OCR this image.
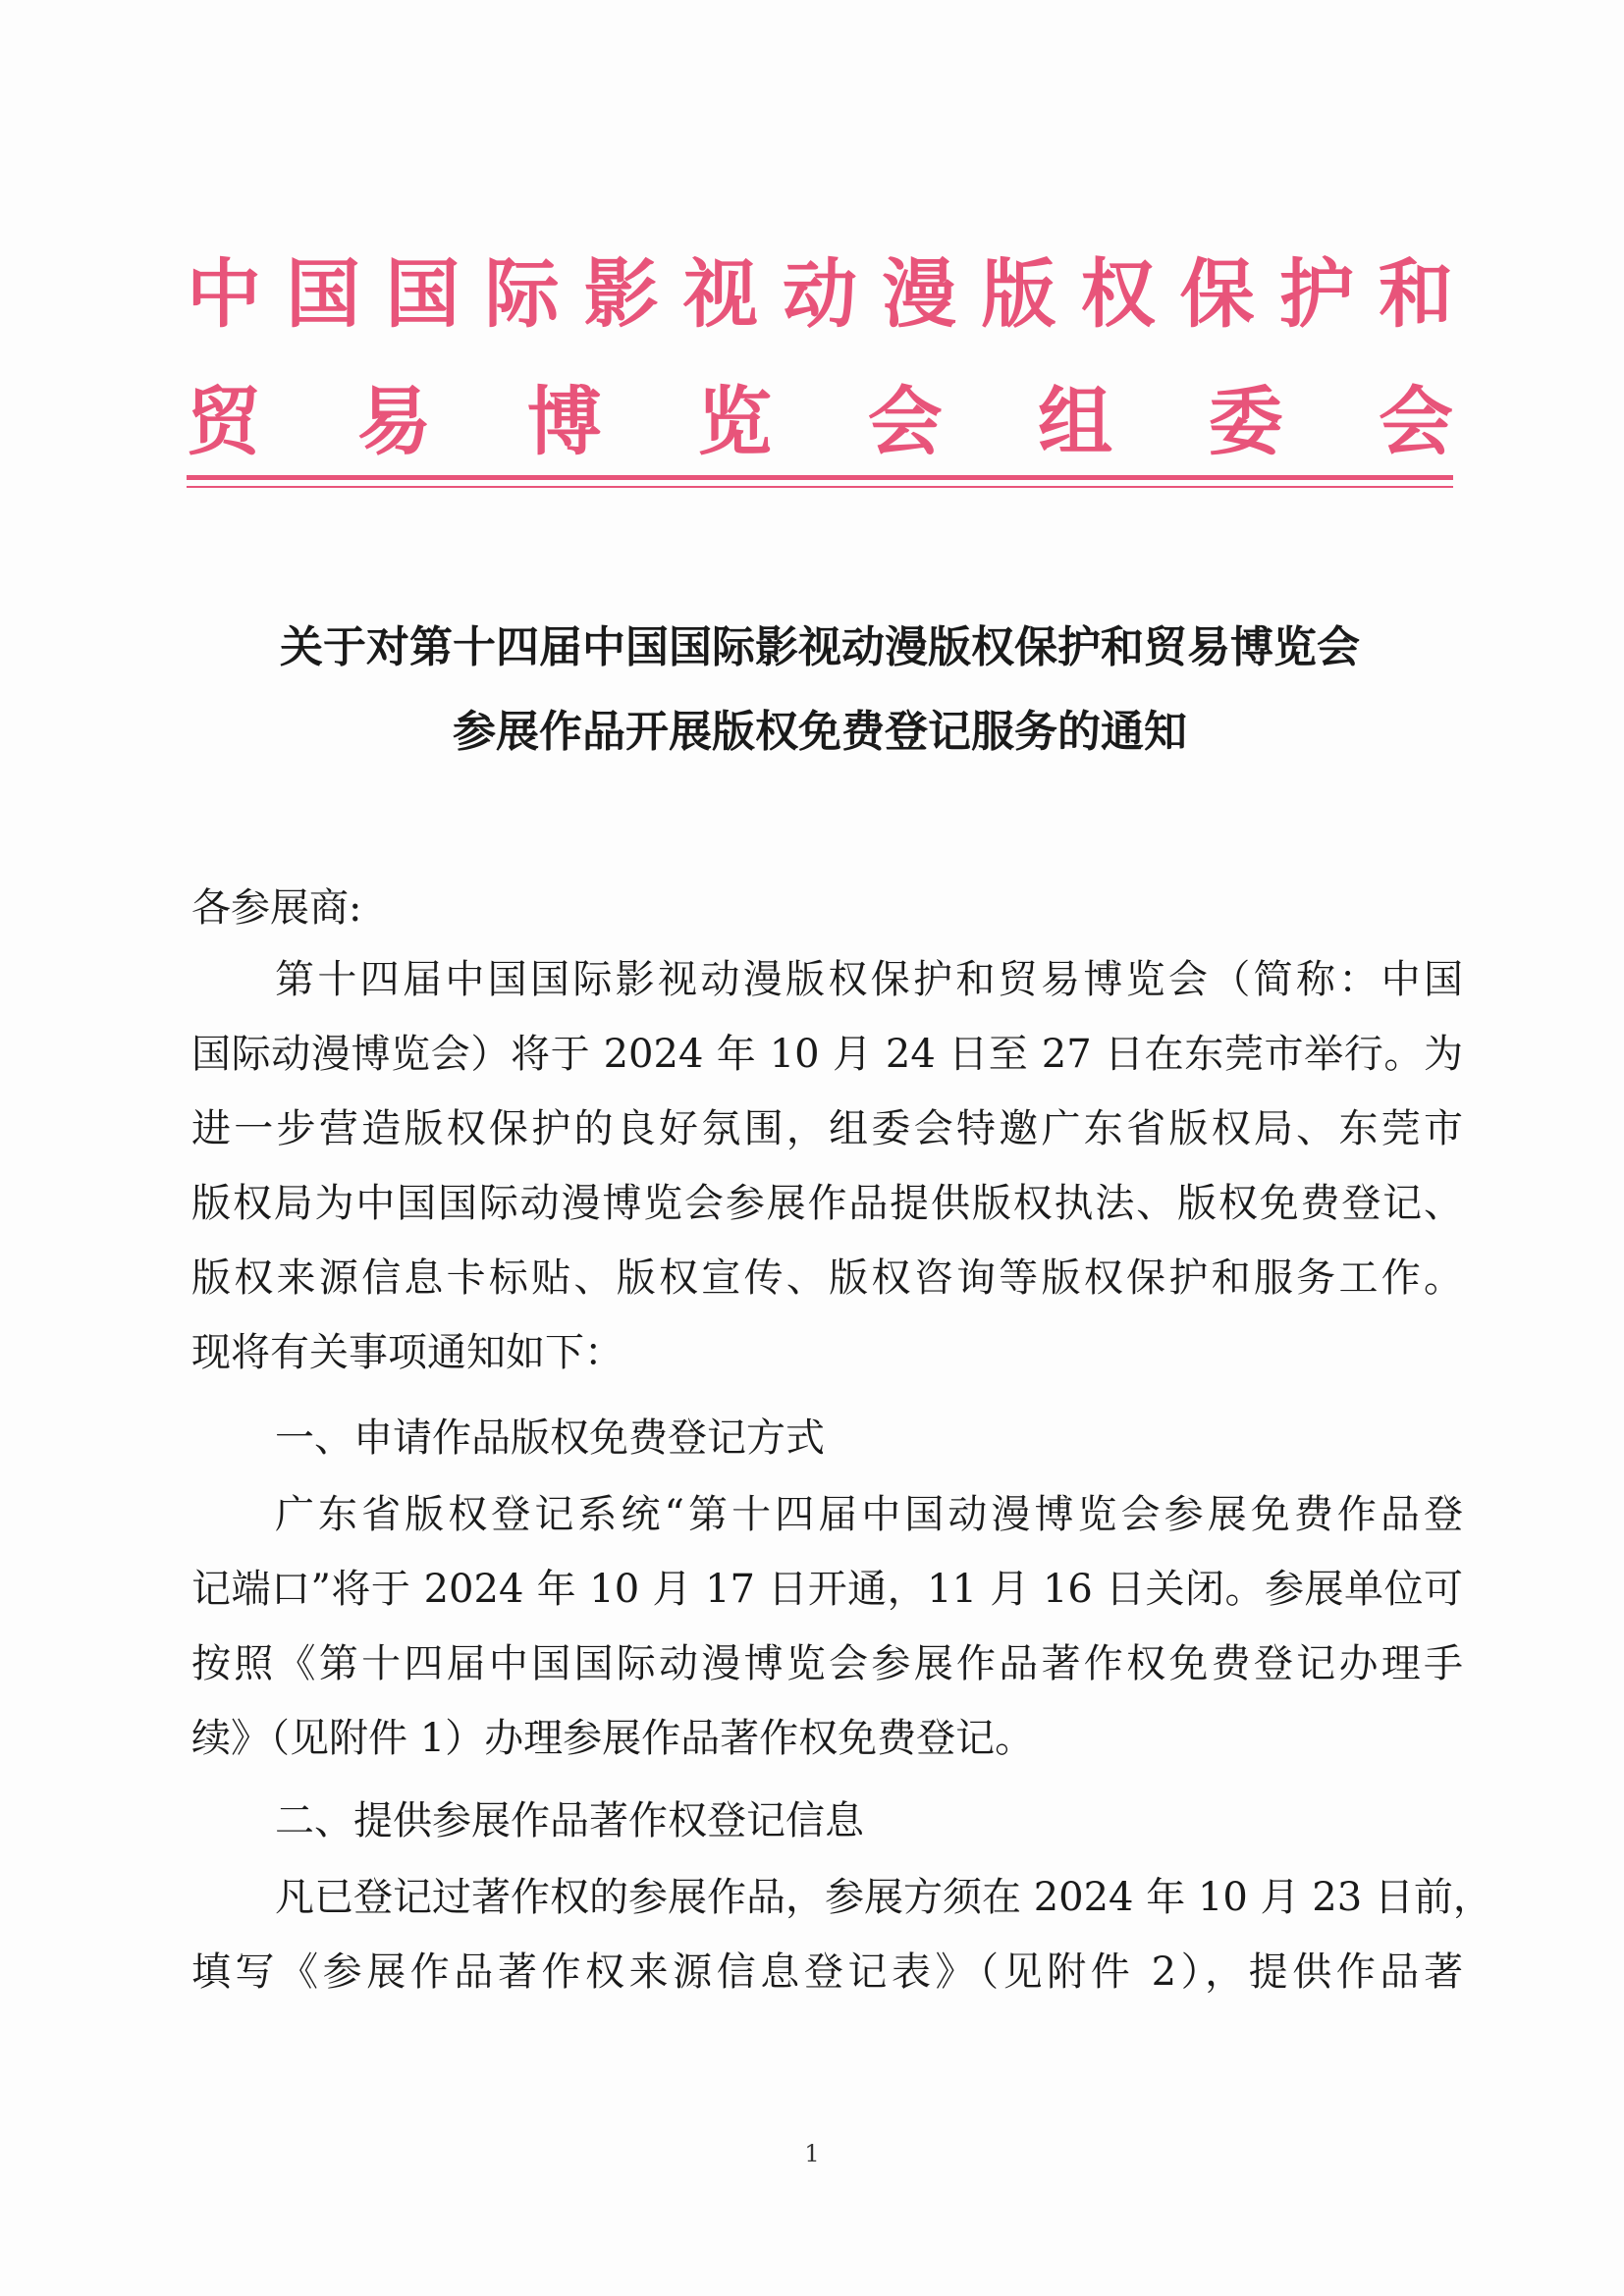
中国国际影视动漫版权保护和
贸易博览会组委会
关于对第十四届中国国际影视动漫版权保护和贸易博览会
参展作品开展版权免费登记服务的通知
各参展商:
第十四届中国国际影视动漫版权保护和贸易博览会（简称：中国
国际动漫博览会）将于 2024 年 10 月 24 日至 27 日在东莞市举行。为
进一步营造版权保护的良好氛围，组委会特邀广东省版权局、东莞市
版权局为中国国际动漫博览会参展作品提供版权执法、版权免费登记、
版权来源信息卡标贴、版权宣传、版权咨询等版权保护和服务工作。
现将有关事项通知如下：
一、申请作品版权免费登记方式
广东省版权登记系统“第十四届中国动漫博览会参展免费作品登
记端口”将于 2024 年 10 月 17 日开通，11 月 16 日关闭。参展单位可
按照《第十四届中国国际动漫博览会参展作品著作权免费登记办理手
续》（见附件 1）办理参展作品著作权免费登记。
二、提供参展作品著作权登记信息
凡已登记过著作权的参展作品，参展方须在 2024 年 10 月 23 日前，
填写《参展作品著作权来源信息登记表》（见附件 2），提供作品著
1
